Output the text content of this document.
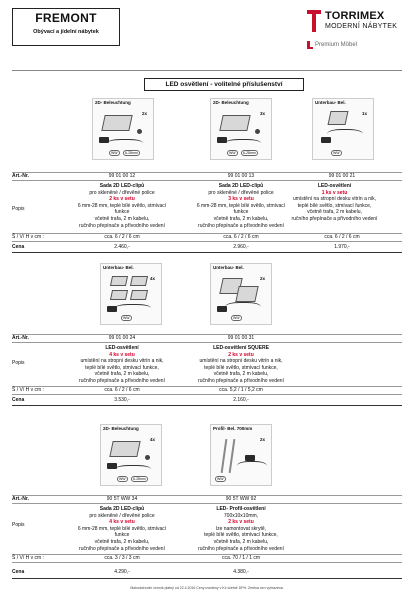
FREMONT
Obývací a jídelní nábytek
TORRIMEX
MODERNÍ NÁBYTEK
Premium Möbel
LED osvětlení - volitelné příslušenství
2D- Beleuchtung
2x
WW	6-28mm
2D- Beleuchtung
3x
WW	6-28mm
Unterbau- Bel.
1x
WW
Art.-Nr.	99 01 00 12	99 01 00 13	99 01 00 21
Popis
Sada 2D LED-clipů
pro skleněné / dřevěné police
2 ks v setu
6 mm-28 mm, teplé bílé světlo, stmívací
funkce
včetně trafa, 2 m kabelu,
ručního přepínače a přívodního vedení
Sada 2D LED-clipů
pro skleněné / dřevěné police
3 ks v setu
6 mm-28 mm, teplé bílé světlo, stmívací
funkce
včetně trafa, 2 m kabelu,
ručního přepínače a přívodního vedení
LED-osvětlení
1 ks v setu
umístění na stropní desku vitrín a nik,
teplé bílé světlo, stmívací funkce,
včetně trafa, 2 m kabelu,
ručního přepínače a přívodního vedení
Š / V/ H v cm :	cca. 6 / 2 / 6 cm	cca. 6 / 2 / 6 cm	cca. 6 / 2 / 6 cm
Cena	2.460,-	2.960,-	1.970,-
Unterbau- Bel.
4x
WW
Unterbau- Bel.
2x
WW
Art.-Nr.	99 01 00 24	99 01 00 31
Popis
LED-osvětlení
4 ks v setu
umístění na stropní desku vitrín a nik,
teplé bílé světlo, stmívací funkce,
včetně trafa, 2 m kabelu,
ručního přepínače a přívodního vedení
LED-osvětlení SQUERE
2 ks v setu
umístění na stropní desku vitrín a nik,
teplé bílé světlo, stmívací funkce,
včetně trafa, 2 m kabelu,
ručního přepínače a přívodního vedení
Š / V/ H v cm :	cca. 6 / 2 / 6 cm	cca. 5,2 / 1 / 5,2 cm
Cena	3.530,-	2.160,-
2D- Beleuchtung
4x
WW	6-28mm
Profil- Bel. 700mm
2x
WW
Art.-Nr.	90 5T WW 34	90 5T WW 92
Popis
Sada 2D LED-clipů
pro skleněné / dřevěné police
4 ks v setu
6 mm-28 mm, teplé bílé světlo, stmívací
funkce
včetně trafa, 2 m kabelu,
ručního přepínače a přívodního vedení
LED- Profil-osvětlení
700x10x10mm,
2 ks v setu
lze namontovat skrytě,
teplé bílé světlo, stmívací funkce,
včetně trafa, 2 m kabelu,
ručního přepínače a přívodního vedení
Š / V/ H v cm :	cca. 3 / 3 / 3 cm	cca. 70 / 1 / 1 cm
Cena	4.290,-	4.380,-
Maloobchodní cenník platný od 22.4.2016 Ceny uvedeny v Kč včetně DPH. Změna cen vyhrazena.
